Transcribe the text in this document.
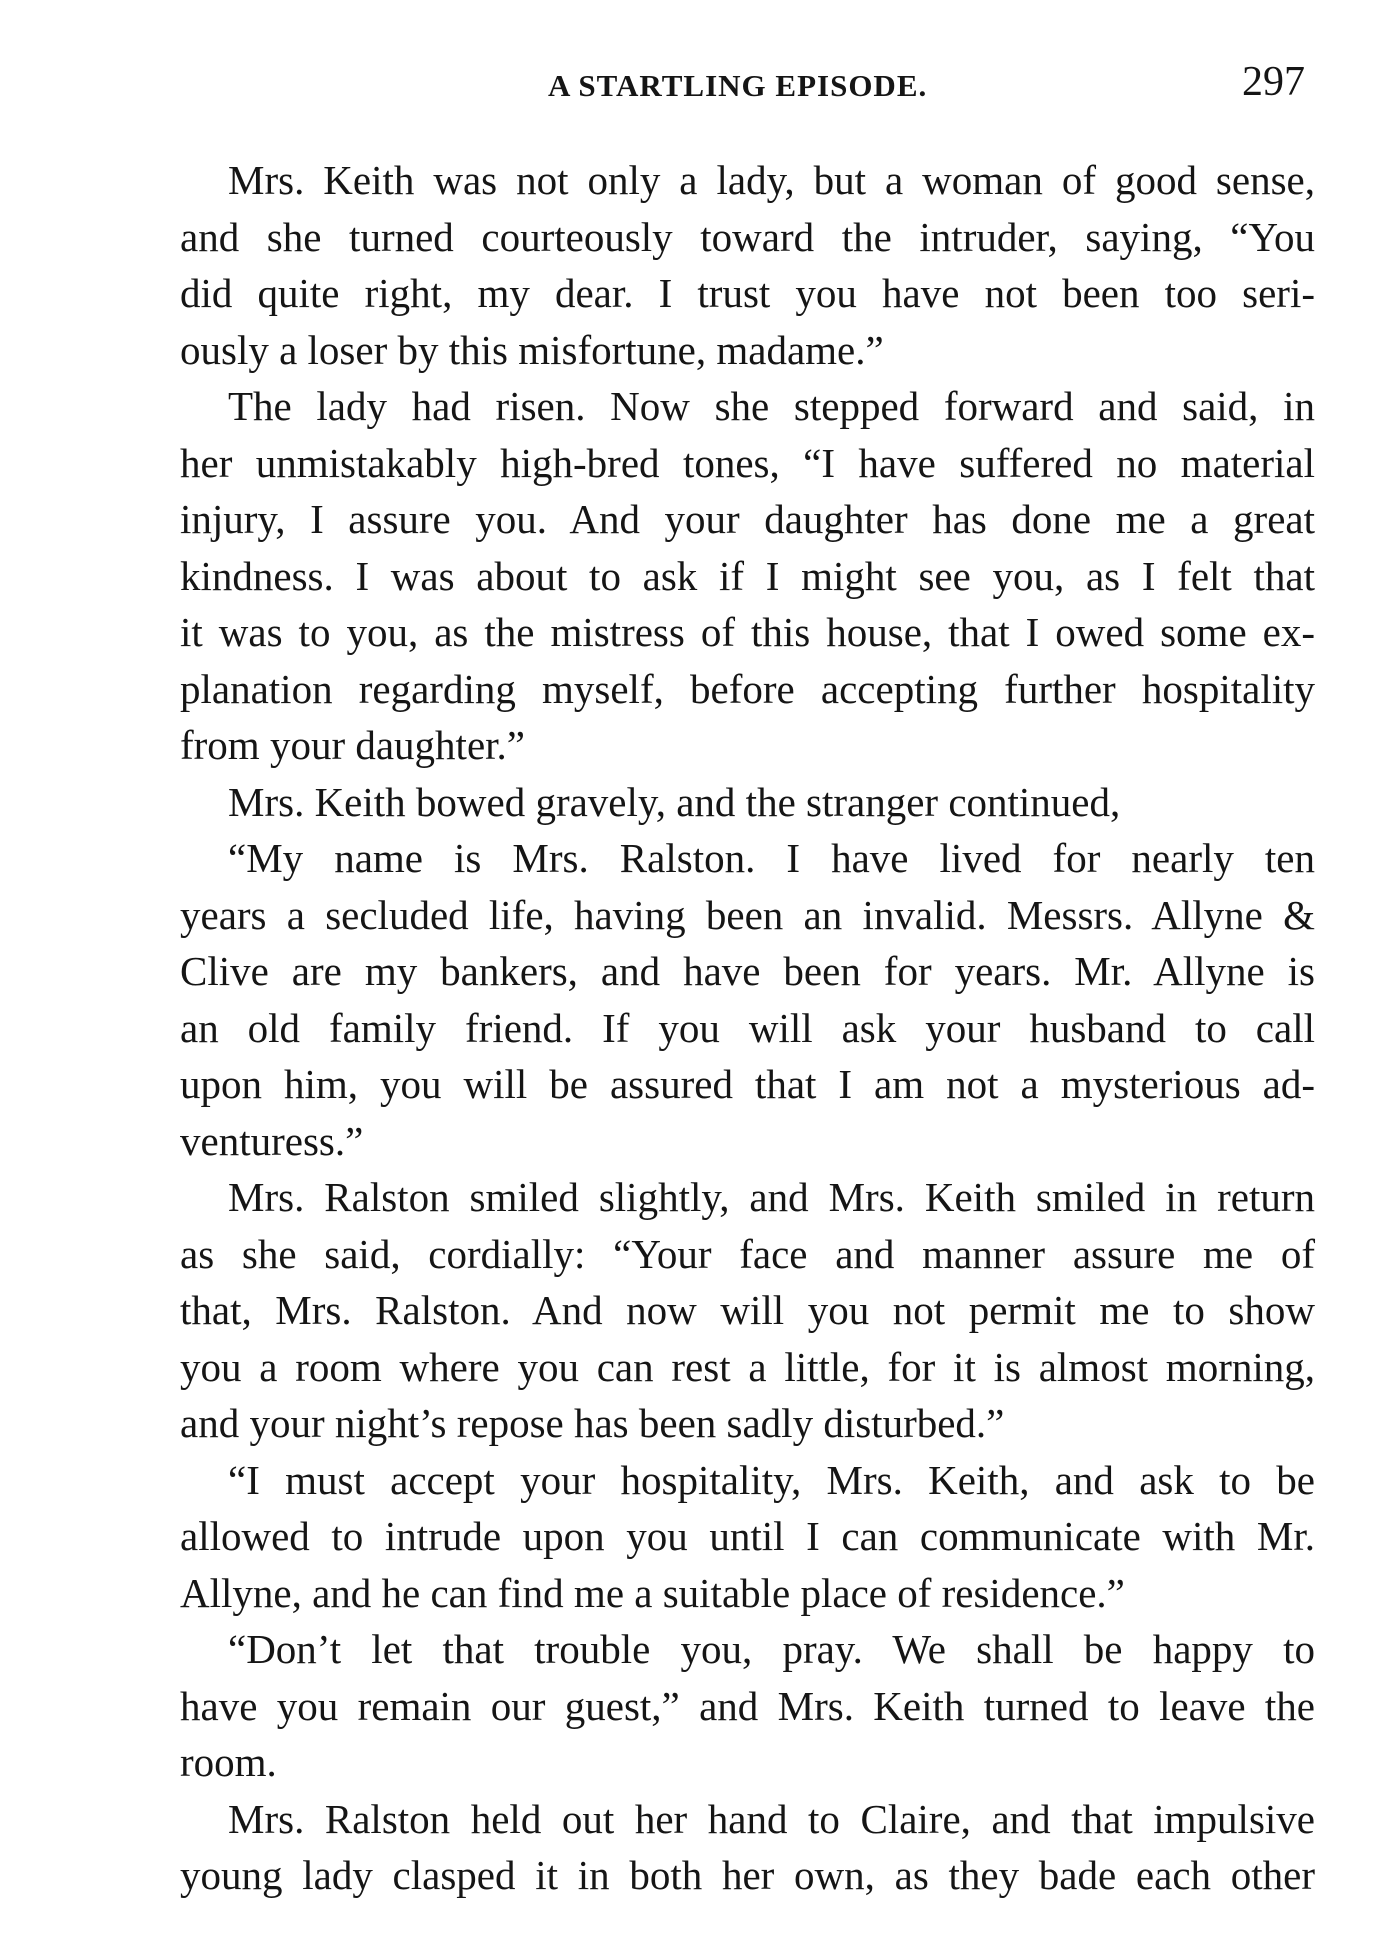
A STARTLING EPISODE.	297
Mrs. Keith was not only a lady, but a woman of good sense,
and she turned courteously toward the intruder, saying, “You
did quite right, my dear. I trust you have not been too seri-
ously a loser by this misfortune, madame.”
The lady had risen. Now she stepped forward and said, in
her unmistakably high-bred tones, “I have suffered no material
injury, I assure you. And your daughter has done me a great
kindness. I was about to ask if I might see you, as I felt that
it was to you, as the mistress of this house, that I owed some ex-
planation regarding myself, before accepting further hospitality
from your daughter.”
Mrs. Keith bowed gravely, and the stranger continued,
“My name is Mrs. Ralston. I have lived for nearly ten
years a secluded life, having been an invalid. Messrs. Allyne &
Clive are my bankers, and have been for years. Mr. Allyne is
an old family friend. If you will ask your husband to call
upon him, you will be assured that I am not a mysterious ad-
venturess.”
Mrs. Ralston smiled slightly, and Mrs. Keith smiled in return
as she said, cordially: “Your face and manner assure me of
that, Mrs. Ralston. And now will you not permit me to show
you a room where you can rest a little, for it is almost morning,
and your night’s repose has been sadly disturbed.”
“I must accept your hospitality, Mrs. Keith, and ask to be
allowed to intrude upon you until I can communicate with Mr.
Allyne, and he can find me a suitable place of residence.”
“Don’t let that trouble you, pray. We shall be happy to
have you remain our guest,” and Mrs. Keith turned to leave the
room.
Mrs. Ralston held out her hand to Claire, and that impulsive
young lady clasped it in both her own, as they bade each other
